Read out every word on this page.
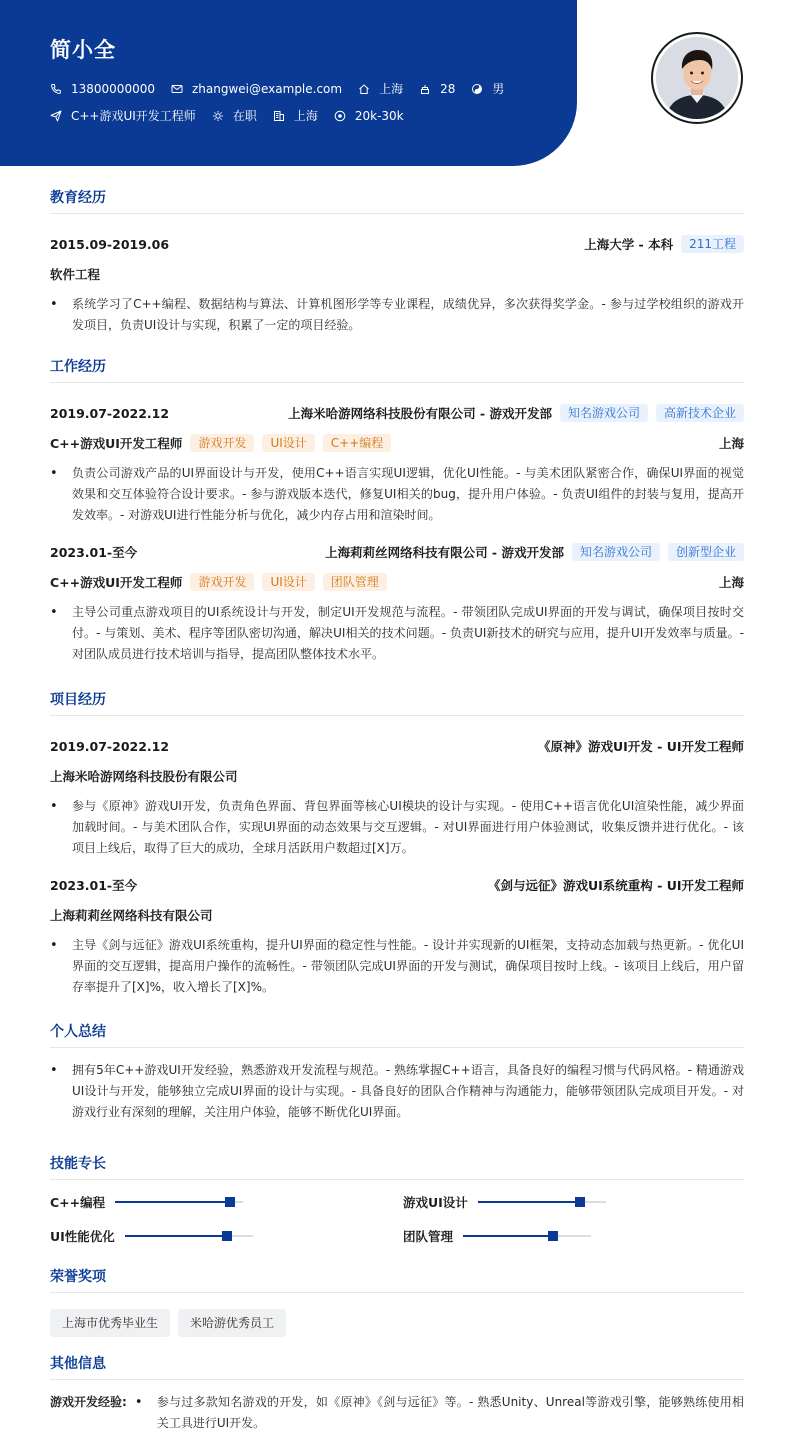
简小全
13800000000	zhangwei@example.com	上海	28	男
C++游戏UI开发工程师	在职	上海	20k-30k
教育经历
2015.09-2019.06	上海大学 - 本科	211工程
软件工程
• 系统学习了C++编程、数据结构与算法、计算机图形学等专业课程，成绩优异，多次获得奖学金。- 参与过学校组织的游戏开发项目，负责UI设计与实现，积累了一定的项目经验。
工作经历
2019.07-2022.12	上海米哈游网络科技股份有限公司 - 游戏开发部	知名游戏公司	高新技术企业
C++游戏UI开发工程师	游戏开发	UI设计	C++编程	上海
• 负责公司游戏产品的UI界面设计与开发，使用C++语言实现UI逻辑，优化UI性能。- 与美术团队紧密合作，确保UI界面的视觉效果和交互体验符合设计要求。- 参与游戏版本迭代，修复UI相关的bug，提升用户体验。- 负责UI组件的封装与复用，提高开发效率。- 对游戏UI进行性能分析与优化，减少内存占用和渲染时间。
2023.01-至今	上海莉莉丝网络科技有限公司 - 游戏开发部	知名游戏公司	创新型企业
C++游戏UI开发工程师	游戏开发	UI设计	团队管理	上海
• 主导公司重点游戏项目的UI系统设计与开发，制定UI开发规范与流程。- 带领团队完成UI界面的开发与调试，确保项目按时交付。- 与策划、美术、程序等团队密切沟通，解决UI相关的技术问题。- 负责UI新技术的研究与应用，提升UI开发效率与质量。- 对团队成员进行技术培训与指导，提高团队整体技术水平。
项目经历
2019.07-2022.12	《原神》游戏UI开发 - UI开发工程师
上海米哈游网络科技股份有限公司
• 参与《原神》游戏UI开发，负责角色界面、背包界面等核心UI模块的设计与实现。- 使用C++语言优化UI渲染性能，减少界面加载时间。- 与美术团队合作，实现UI界面的动态效果与交互逻辑。- 对UI界面进行用户体验测试，收集反馈并进行优化。- 该项目上线后，取得了巨大的成功，全球月活跃用户数超过[X]万。
2023.01-至今	《剑与远征》游戏UI系统重构 - UI开发工程师
上海莉莉丝网络科技有限公司
• 主导《剑与远征》游戏UI系统重构，提升UI界面的稳定性与性能。- 设计并实现新的UI框架，支持动态加载与热更新。- 优化UI界面的交互逻辑，提高用户操作的流畅性。- 带领团队完成UI界面的开发与测试，确保项目按时上线。- 该项目上线后，用户留存率提升了[X]%，收入增长了[X]%。
个人总结
• 拥有5年C++游戏UI开发经验，熟悉游戏开发流程与规范。- 熟练掌握C++语言，具备良好的编程习惯与代码风格。- 精通游戏UI设计与开发，能够独立完成UI界面的设计与实现。- 具备良好的团队合作精神与沟通能力，能够带领团队完成项目开发。- 对游戏行业有深刻的理解，关注用户体验，能够不断优化UI界面。
技能专长
C++编程	游戏UI设计
UI性能优化	团队管理
荣誉奖项
上海市优秀毕业生	米哈游优秀员工
其他信息
游戏开发经验:
•	参与过多款知名游戏的开发，如《原神》《剑与远征》等。- 熟悉Unity、Unreal等游戏引擎，能够熟练使用相关工具进行UI开发。
